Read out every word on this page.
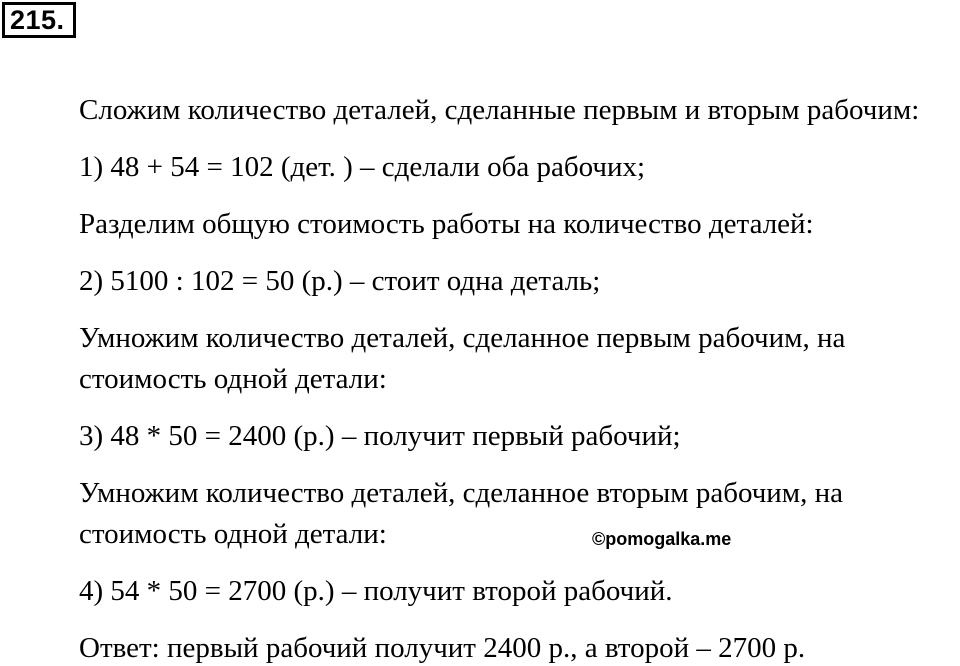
215.
Сложим количество деталей, сделанные первым и вторым рабочим:
1) 48 + 54 = 102 (дет. ) – сделали оба рабочих;
Разделим общую стоимость работы на количество деталей:
2) 5100 : 102 = 50 (р.) – стоит одна деталь;
Умножим количество деталей, сделанное первым рабочим, на
стоимость одной детали:
3) 48 * 50 = 2400 (р.) – получит первый рабочий;
Умножим количество деталей, сделанное вторым рабочим, на
стоимость одной детали:
4) 54 * 50 = 2700 (р.) – получит второй рабочий.
Ответ: первый рабочий получит 2400 р., а второй – 2700 р.
©pomogalka.me
